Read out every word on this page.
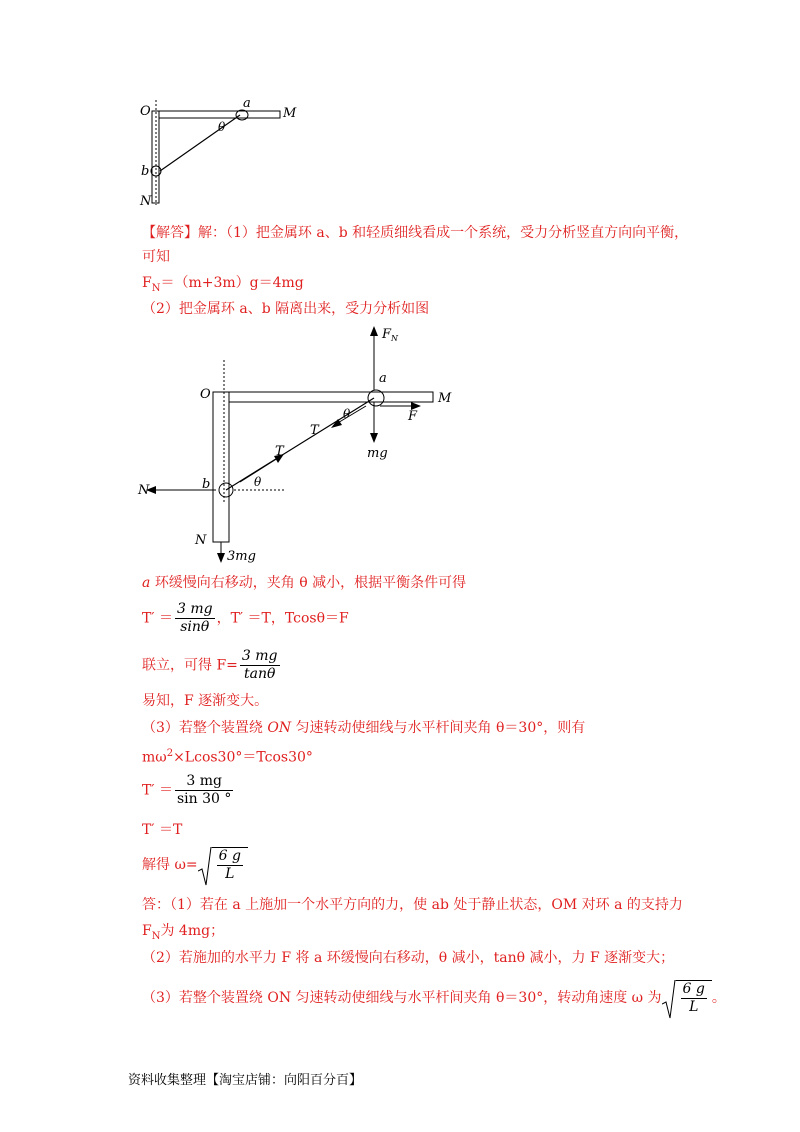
O
a
M
θ
b
N
【解答】解：（1）把金属环 a、b 和轻质细线看成一个系统，受力分析竖直方向向平衡，
可知
$F_N=(m+3m)g=4mg$
（2）把金属环 a、b 隔离出来，受力分析如图
$F_N$
a
O	M
θ
T
F
mg
T
N	b	θ
N
3mg
a 环缓慢向右移动，夹角 θ 减小，根据平衡条件可得
$T' = \frac{3 mg}{\sin\theta}$ ，T′ ＝T，Tcosθ＝F
联立，可得 $F= \frac{3 mg}{\tan\theta}$
易知，F 逐渐变大。
（3）若整个装置绕 ON 匀速转动使细线与水平杆间夹角 θ＝30°，则有
$m\omega^2\times Lcos30^\circ=Tcos30^\circ$
$T' = \frac{3 mg}{\sin 30 ^\circ}$
T′ ＝T
解得 $\omega= \frac{6 g}{L}$
答：（1）若在 a 上施加一个水平方向的力，使 ab 处于静止状态，OM 对环 a 的支持力
$F_N$为 4mg；
（2）若施加的水平力 F 将 a 环缓慢向右移动，θ 减小，tanθ 减小，力 F 逐渐变大；
（3）若整个装置绕 ON 匀速转动使细线与水平杆间夹角 θ＝30°，转动角速度 ω 为 $\frac{6 g}{L}$ 。
资料收集整理【淘宝店铺：向阳百分百】
